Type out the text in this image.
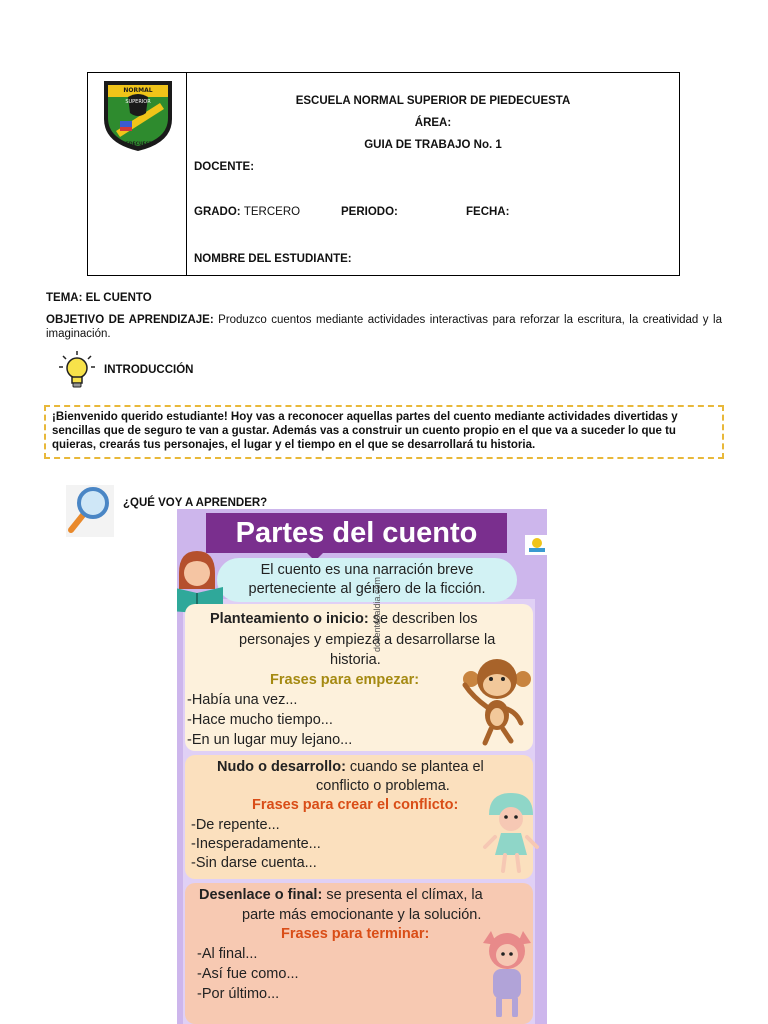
NORMAL
SUPERIOR
PIEDECUESTA
ESCUELA NORMAL SUPERIOR DE PIEDECUESTA
ÁREA:
GUIA DE TRABAJO No. 1
DOCENTE:
GRADO: TERCERO	PERIODO:	FECHA:
NOMBRE DEL ESTUDIANTE:
TEMA: EL CUENTO
OBJETIVO DE APRENDIZAJE: Produzco cuentos mediante actividades interactivas para reforzar la escritura, la creatividad y la imaginación.
INTRODUCCIÓN
¡Bienvenido querido estudiante! Hoy vas a reconocer aquellas partes del cuento mediante actividades divertidas y sencillas que de seguro te van a gustar. Además vas a construir un cuento propio en el que va a suceder lo que tu quieras, crearás tus personajes, el lugar y el tiempo en el que se desarrollará tu historia.
¿QUÉ VOY A APRENDER?
Partes del cuento
El cuento es una narración breve
perteneciente al género de la ficción.
Planteamiento o inicio: se describen los
personajes y empieza a desarrollarse la
historia.
Frases para empezar:
-Había una vez...
-Hace mucho tiempo...
-En un lugar muy lejano...
Nudo o desarrollo: cuando se plantea el
conflicto o problema.
Frases para crear el conflicto:
-De repente...
-Inesperadamente...
-Sin darse cuenta...
Desenlace o final: se presenta el clímax, la
parte más emocionante y la solución.
Frases para terminar:
-Al final...
-Así fue como...
-Por último...
docentesaldia.com
